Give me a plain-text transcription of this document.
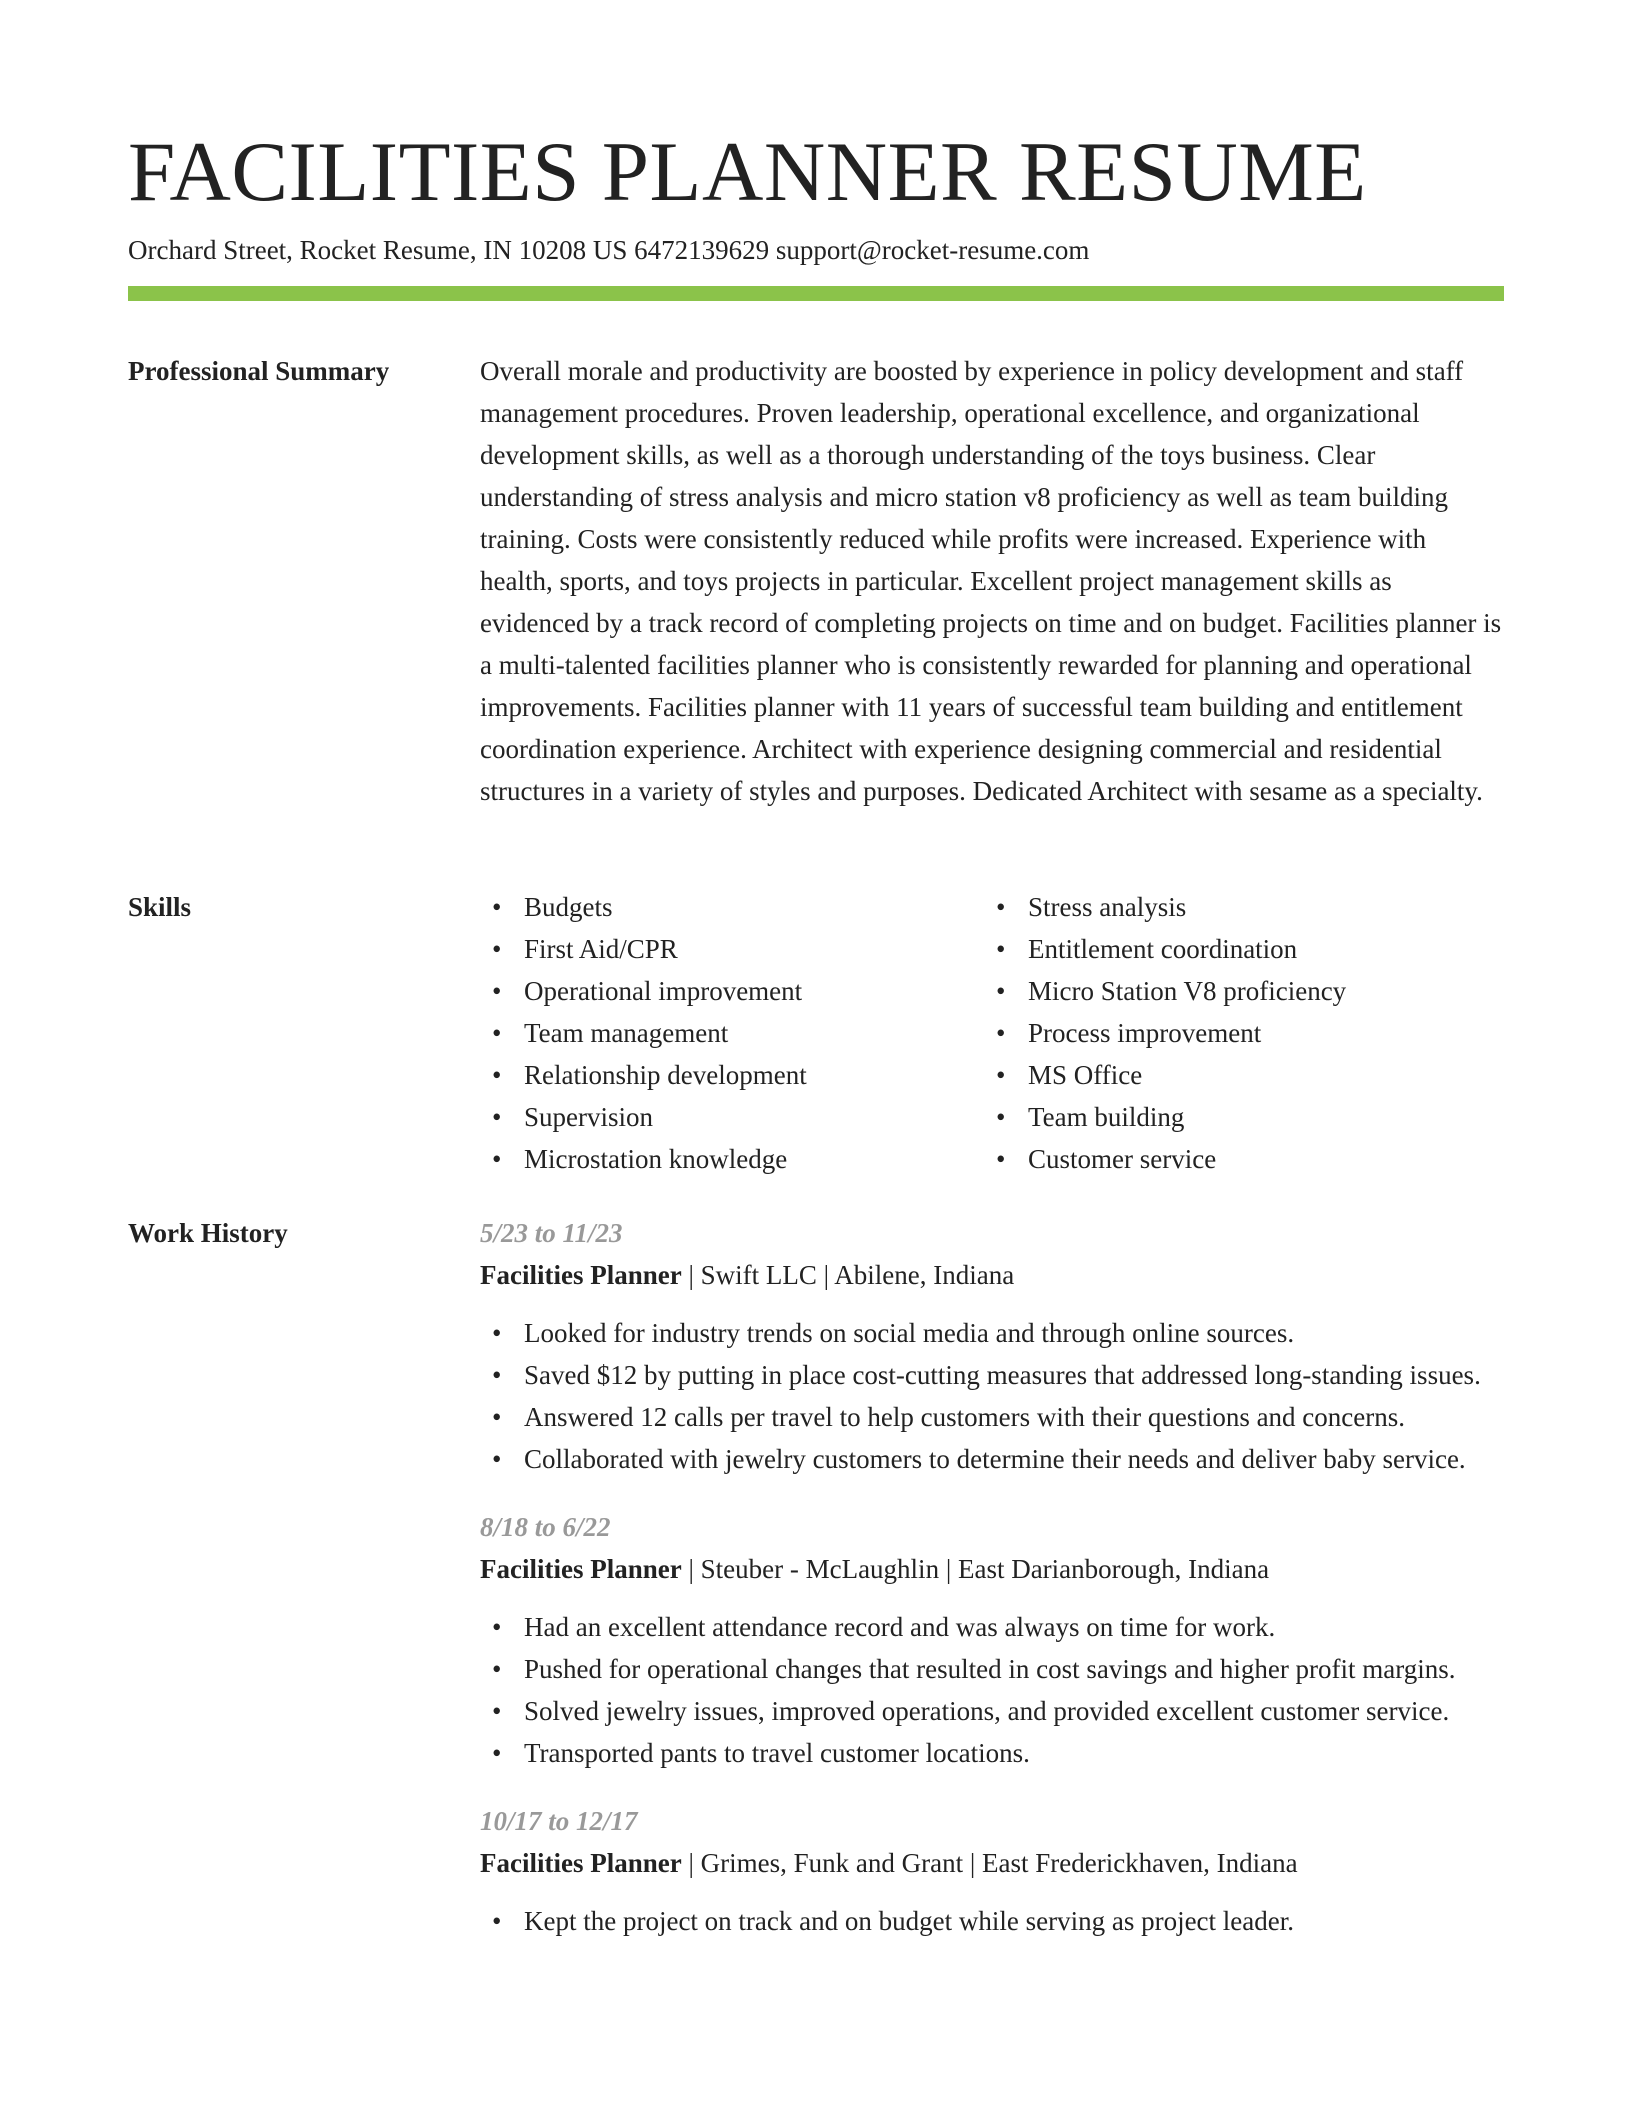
FACILITIES PLANNER RESUME
Orchard Street, Rocket Resume, IN 10208 US 6472139629 support@rocket-resume.com
Professional Summary	Overall morale and productivity are boosted by experience in policy development and staff management procedures. Proven leadership, operational excellence, and organizational development skills, as well as a thorough understanding of the toys business. Clear understanding of stress analysis and micro station v8 proficiency as well as team building training. Costs were consistently reduced while profits were increased. Experience with health, sports, and toys projects in particular. Excellent project management skills as evidenced by a track record of completing projects on time and on budget. Facilities planner is a multi-talented facilities planner who is consistently rewarded for planning and operational improvements. Facilities planner with 11 years of successful team building and entitlement coordination experience. Architect with experience designing commercial and residential structures in a variety of styles and purposes. Dedicated Architect with sesame as a specialty.

Skills
•	Budgets
• First Aid/CPR
• Operational improvement
• Team management
• Relationship development
• Supervision
• Microstation knowledge
• Stress analysis
• Entitlement coordination
• Micro Station V8 proficiency
• Process improvement
• MS Office
• Team building
• Customer service
Work History	5/23 to 11/23

Facilities Planner | Swift LLC | Abilene, Indiana

• Looked for industry trends on social media and through online sources.
• Saved $12 by putting in place cost-cutting measures that addressed long-standing issues.
• Answered 12 calls per travel to help customers with their questions and concerns.
• Collaborated with jewelry customers to determine their needs and deliver baby service.

8/18 to 6/22

Facilities Planner | Steuber - McLaughlin | East Darianborough, Indiana

• Had an excellent attendance record and was always on time for work.
• Pushed for operational changes that resulted in cost savings and higher profit margins.
• Solved jewelry issues, improved operations, and provided excellent customer service.
• Transported pants to travel customer locations.

10/17 to 12/17

Facilities Planner | Grimes, Funk and Grant | East Frederickhaven, Indiana

• Kept the project on track and on budget while serving as project leader.
